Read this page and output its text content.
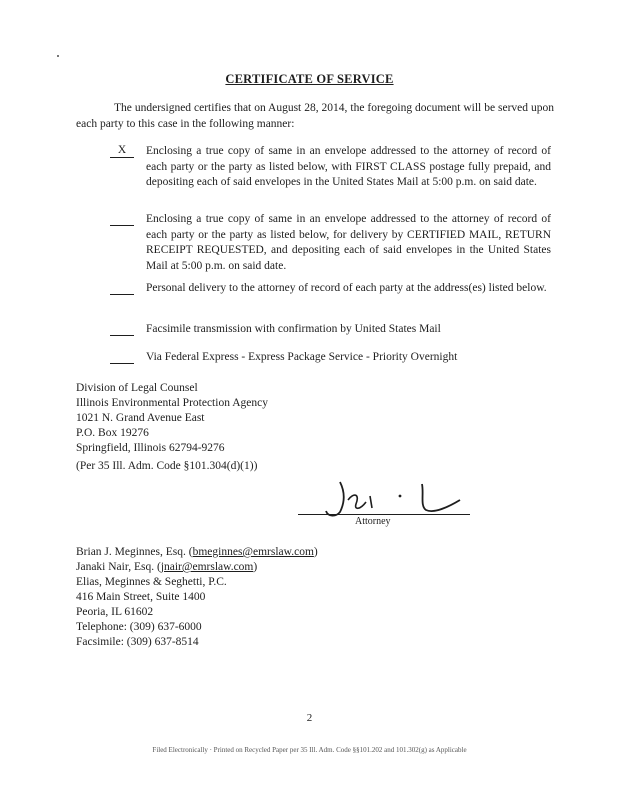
CERTIFICATE OF SERVICE
The undersigned certifies that on August 28, 2014, the foregoing document will be served upon each party to this case in the following manner:
X	Enclosing a true copy of same in an envelope addressed to the attorney of record of each party or the party as listed below, with FIRST CLASS postage fully prepaid, and depositing each of said envelopes in the United States Mail at 5:00 p.m. on said date.
Enclosing a true copy of same in an envelope addressed to the attorney of record of each party or the party as listed below, for delivery by CERTIFIED MAIL, RETURN RECEIPT REQUESTED, and depositing each of said envelopes in the United States Mail at 5:00 p.m. on said date.
Personal delivery to the attorney of record of each party at the address(es) listed below.
Facsimile transmission with confirmation by United States Mail
Via Federal Express - Express Package Service - Priority Overnight
Division of Legal Counsel
Illinois Environmental Protection Agency
1021 N. Grand Avenue East
P.O. Box 19276
Springfield, Illinois 62794-9276
(Per 35 Ill. Adm. Code §101.304(d)(1))
Attorney
Brian J. Meginnes, Esq. (bmeginnes@emrslaw.com)
Janaki Nair, Esq. (jnair@emrslaw.com)
Elias, Meginnes & Seghetti, P.C.
416 Main Street, Suite 1400
Peoria, IL 61602
Telephone: (309) 637-6000
Facsimile: (309) 637-8514
2
Filed Electronically · Printed on Recycled Paper per 35 Ill. Adm. Code §§101.202 and 101.302(g) as Applicable
